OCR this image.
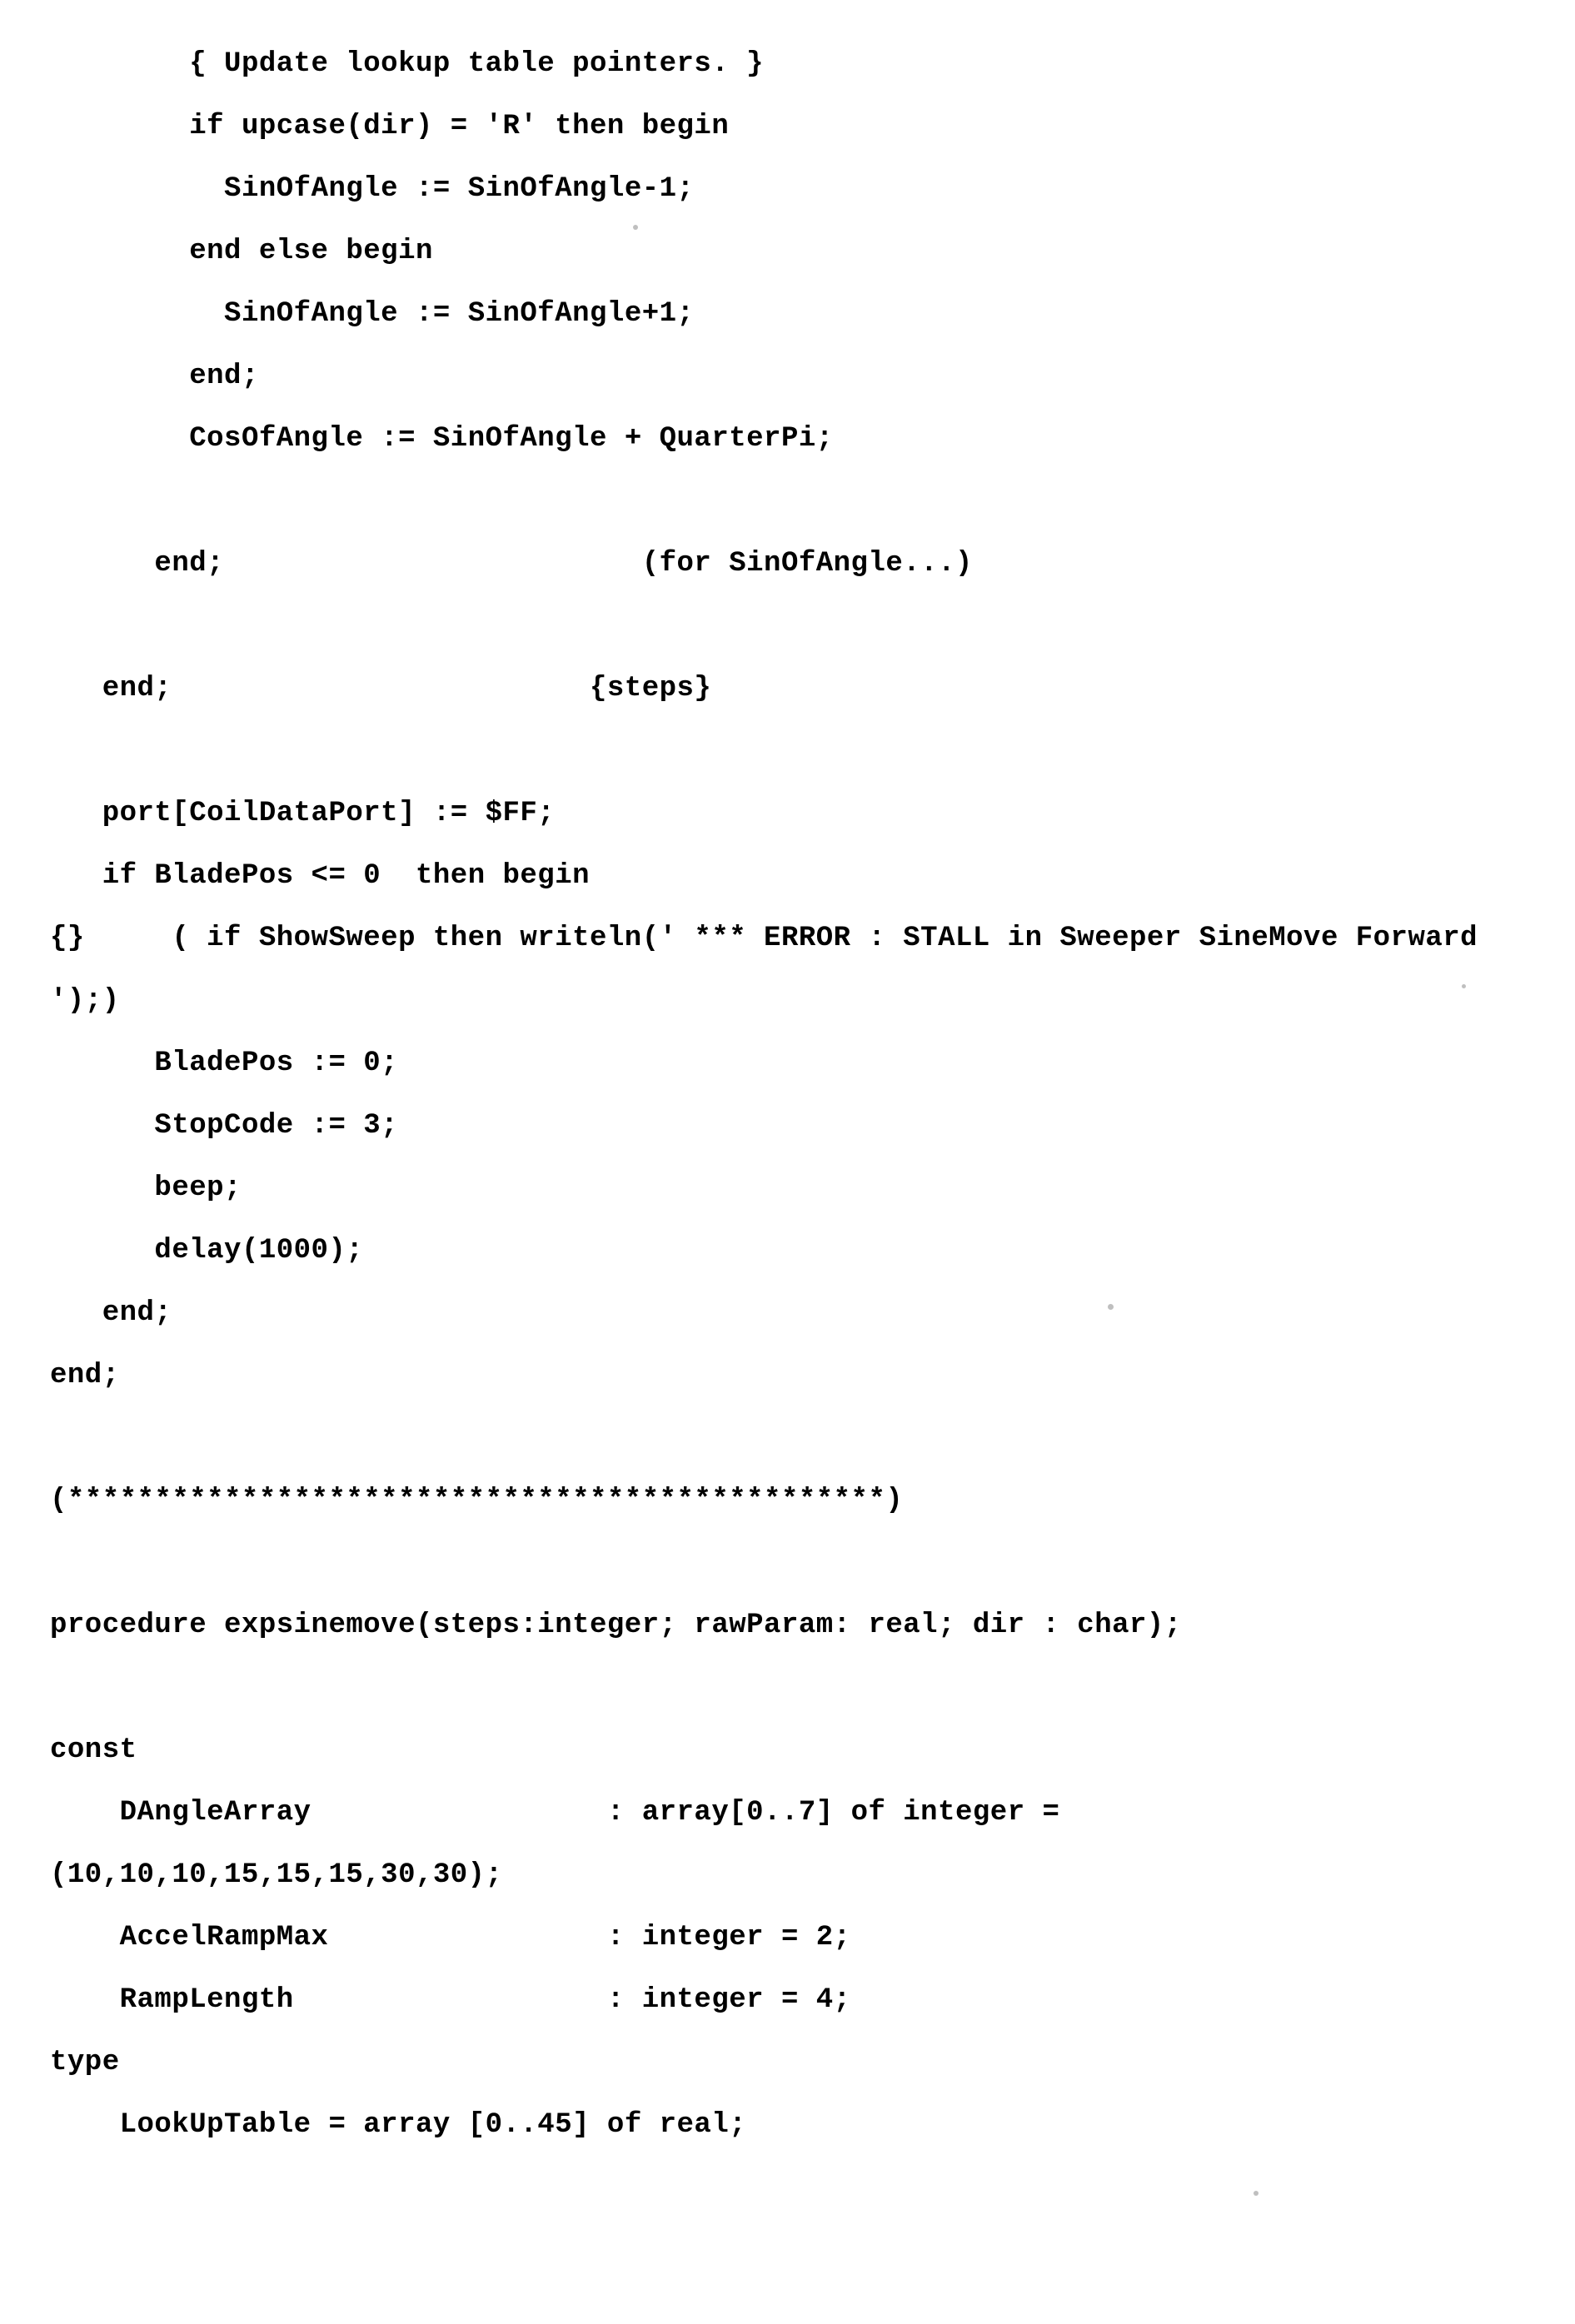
{ Update lookup table pointers. }
if upcase(dir) = 'R' then begin
SinOfAngle := SinOfAngle-1;
end else begin
SinOfAngle := SinOfAngle+1;
end;
CosOfAngle := SinOfAngle + QuarterPi;

end;                        (for SinOfAngle...)

end;                        {steps}

port[CoilDataPort] := $FF;
if BladePos <= 0  then begin
{}     ( if ShowSweep then writeln(' *** ERROR : STALL in Sweeper SineMove Forward ');)
BladePos := 0;
StopCode := 3;
beep;
delay(1000);
end;
end;

(***********************************************)

procedure expsinemove(steps:integer; rawParam: real; dir : char);

const
DAngleArray                 : array[0..7] of integer = (10,10,10,15,15,15,30,30);
AccelRampMax                : integer = 2;
RampLength                  : integer = 4;
type
LookUpTable = array [0..45] of real;
